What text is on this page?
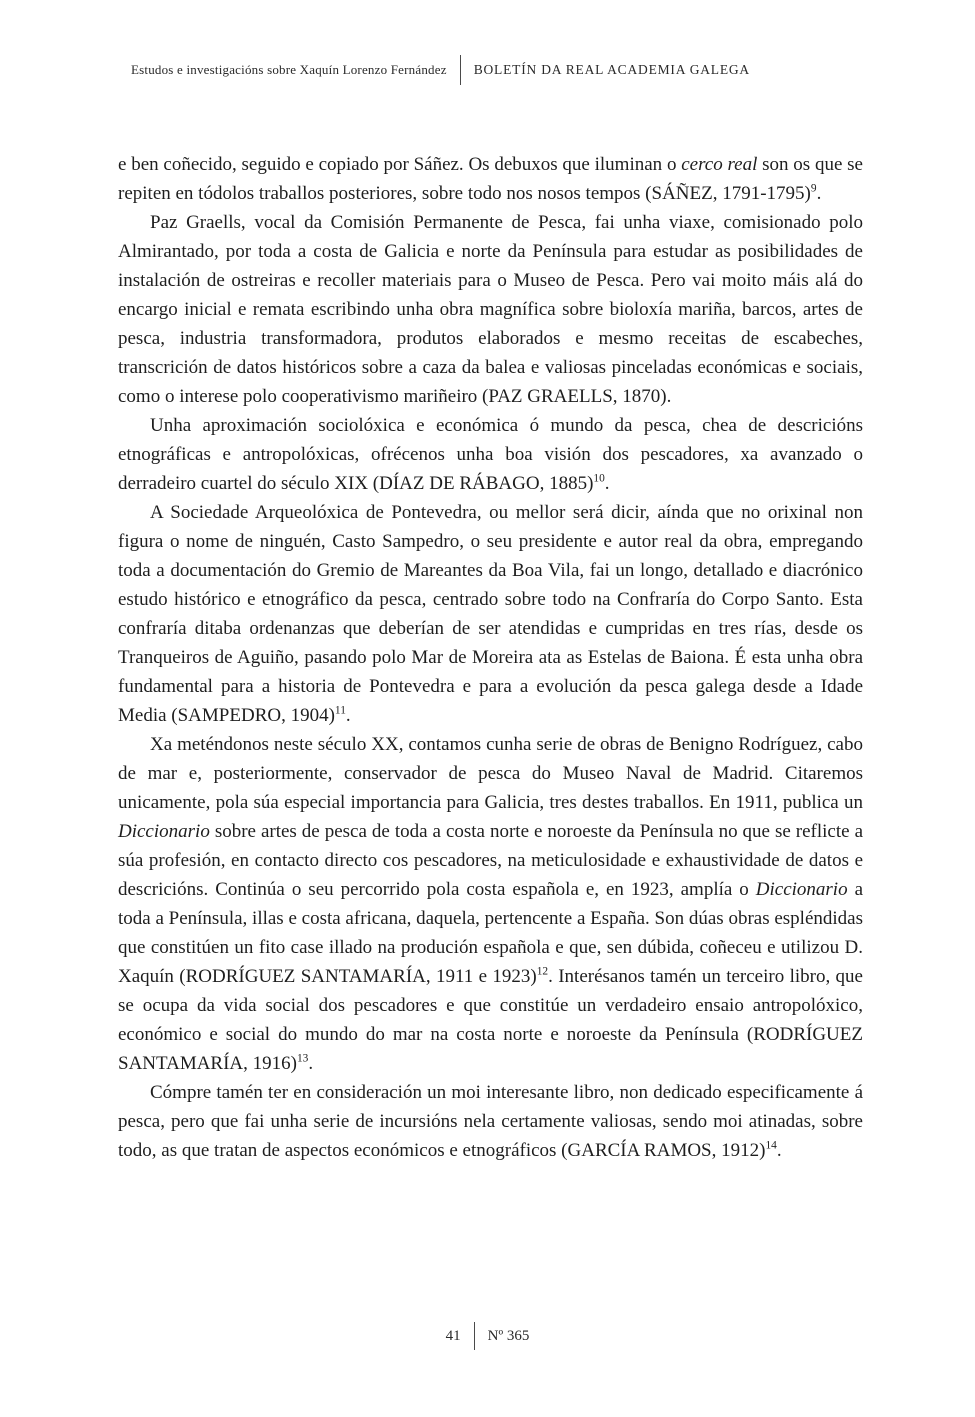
Estudos e investigacións sobre Xaquín Lorenzo Fernández BOLETÍN DA REAL ACADEMIA GALEGA

e ben coñecido, seguido e copiado por Sáñez. Os debuxos que iluminan o cerco real son os que se repiten en tódolos traballos posteriores, sobre todo nos nosos tempos (SÁÑEZ, 1791-1795)$^9$.

Paz Graells, vocal da Comisión Permanente de Pesca, fai unha viaxe, comisionado polo Almirantado, por toda a costa de Galicia e norte da Península para estudar as posibilidades de instalación de ostreiras e recoller materiais para o Museo de Pesca. Pero vai moito máis alá do encargo inicial e remata escribindo unha obra magnífica sobre bioloxía mariña, barcos, artes de pesca, industria transformadora, produtos elaborados e mesmo receitas de escabeches, transcrición de datos históricos sobre a caza da balea e valiosas pinceladas económicas e sociais, como o interese polo cooperativismo mariñeiro (PAZ GRAELLS, 1870).

Unha aproximación sociolóxica e económica ó mundo da pesca, chea de descricións etnográficas e antropolóxicas, ofrécenos unha boa visión dos pescadores, xa avanzado o derradeiro cuartel do século XIX (DÍAZ DE RÁBAGO, 1885)$^{10}$.

A Sociedade Arqueolóxica de Pontevedra, ou mellor será dicir, aínda que no orixinal non figura o nome de ninguén, Casto Sampedro, o seu presidente e autor real da obra, empregando toda a documentación do Gremio de Mareantes da Boa Vila, fai un longo, detallado e diacrónico estudo histórico e etnográfico da pesca, centrado sobre todo na Confraría do Corpo Santo. Esta confraría ditaba ordenanzas que deberían de ser atendidas e cumpridas en tres rías, desde os Tranqueiros de Aguiño, pasando polo Mar de Moreira ata as Estelas de Baiona. É esta unha obra fundamental para a historia de Pontevedra e para a evolución da pesca galega desde a Idade Media (SAMPEDRO, 1904)$^{11}$.

Xa meténdonos neste século XX, contamos cunha serie de obras de Benigno Rodríguez, cabo de mar e, posteriormente, conservador de pesca do Museo Naval de Madrid. Citaremos unicamente, pola súa especial importancia para Galicia, tres destes traballos. En 1911, publica un Diccionario sobre artes de pesca de toda a costa norte e noroeste da Península no que se reflicte a súa profesión, en contacto directo cos pescadores, na meticulosidade e exhaustividade de datos e descricións. Continúa o seu percorrido pola costa española e, en 1923, amplía o Diccionario a toda a Península, illas e costa africana, daquela, pertencente a España. Son dúas obras espléndidas que constitúen un fito case illado na produción española e que, sen dúbida, coñeceu e utilizou D. Xaquín (RODRÍGUEZ SANTAMARÍA, 1911 e 1923)$^{12}$. Interésanos tamén un terceiro libro, que se ocupa da vida social dos pescadores e que constitúe un verdadeiro ensaio antropolóxico, económico e social do mundo do mar na costa norte e noroeste da Península (RODRÍGUEZ SANTAMARÍA, 1916)$^{13}$.

Cómpre tamén ter en consideración un moi interesante libro, non dedicado especificamente á pesca, pero que fai unha serie de incursións nela certamente valiosas, sendo moi atinadas, sobre todo, as que tratan de aspectos económicos e etnográficos (GARCÍA RAMOS, 1912)$^{14}$.

41 Nº 365
